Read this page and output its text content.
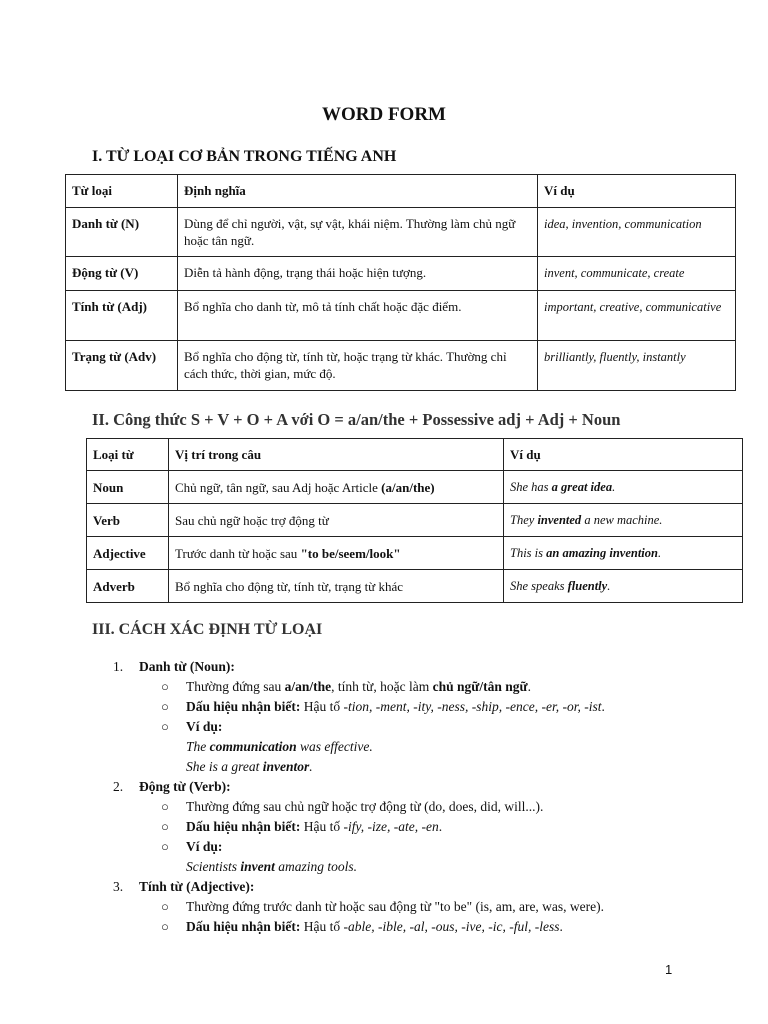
WORD FORM
I. TỪ LOẠI CƠ BẢN TRONG TIẾNG ANH
Từ loại	Định nghĩa	Ví dụ
Danh từ (N)	Dùng để chỉ người, vật, sự vật, khái niệm. Thường làm chủ ngữ hoặc tân ngữ.	idea, invention, communication
Động từ (V)	Diễn tả hành động, trạng thái hoặc hiện tượng.	invent, communicate, create
Tính từ (Adj)	Bổ nghĩa cho danh từ, mô tả tính chất hoặc đặc điểm.	important, creative, communicative
Trạng từ (Adv)	Bổ nghĩa cho động từ, tính từ, hoặc trạng từ khác. Thường chỉ cách thức, thời gian, mức độ.	brilliantly, fluently, instantly
II. Công thức S + V + O + A với O = a/an/the + Possessive adj + Adj + Noun
Loại từ	Vị trí trong câu	Ví dụ
Noun	Chủ ngữ, tân ngữ, sau Adj hoặc Article (a/an/the)	She has a great idea.
Verb	Sau chủ ngữ hoặc trợ động từ	They invented a new machine.
Adjective	Trước danh từ hoặc sau "to be/seem/look"	This is an amazing invention.
Adverb	Bổ nghĩa cho động từ, tính từ, trạng từ khác	She speaks fluently.
III. CÁCH XÁC ĐỊNH TỪ LOẠI
1.	Danh từ (Noun):
○ Thường đứng sau a/an/the, tính từ, hoặc làm chủ ngữ/tân ngữ.
○ Dấu hiệu nhận biết: Hậu tố -tion, -ment, -ity, -ness, -ship, -ence, -er, -or, -ist.
○ Ví dụ:
The communication was effective.
She is a great inventor.
2.	Động từ (Verb):
○ Thường đứng sau chủ ngữ hoặc trợ động từ (do, does, did, will...).
○ Dấu hiệu nhận biết: Hậu tố -ify, -ize, -ate, -en.
○ Ví dụ:
Scientists invent amazing tools.
3.	Tính từ (Adjective):
○ Thường đứng trước danh từ hoặc sau động từ "to be" (is, am, are, was, were).
○ Dấu hiệu nhận biết: Hậu tố -able, -ible, -al, -ous, -ive, -ic, -ful, -less.
1
